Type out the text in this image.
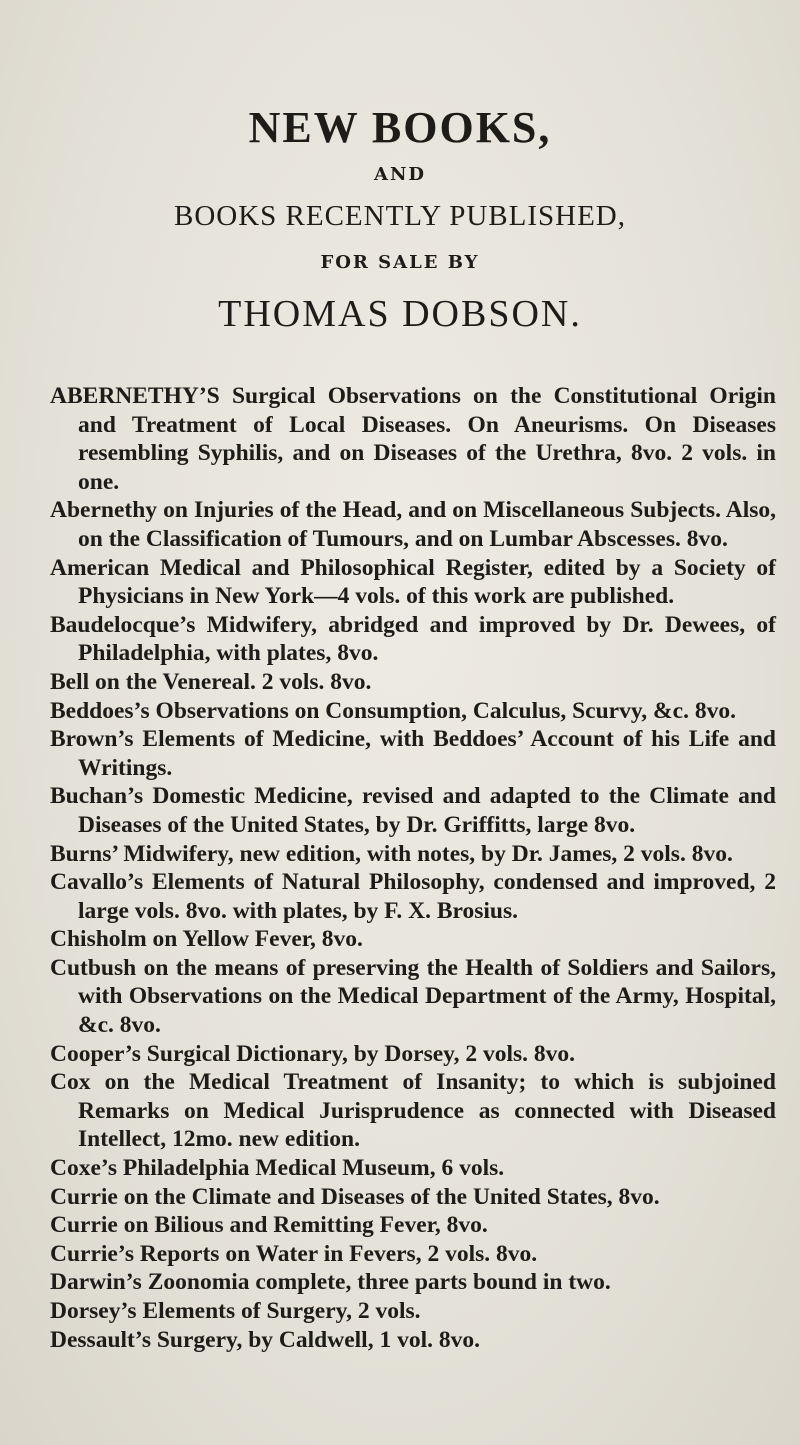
NEW BOOKS,
AND
BOOKS RECENTLY PUBLISHED,
FOR SALE BY
THOMAS DOBSON.
ABERNETHY’S Surgical Observations on the Constitutional Origin and Treatment of Local Diseases. On Aneurisms. On Diseases resembling Syphilis, and on Diseases of the Urethra, 8vo. 2 vols. in one.
Abernethy on Injuries of the Head, and on Miscellaneous Subjects. Also, on the Classification of Tumours, and on Lumbar Abscesses. 8vo.
American Medical and Philosophical Register, edited by a Society of Physicians in New York—4 vols. of this work are published.
Baudelocque’s Midwifery, abridged and improved by Dr. Dewees, of Philadelphia, with plates, 8vo.
Bell on the Venereal. 2 vols. 8vo.
Beddoes’s Observations on Consumption, Calculus, Scurvy, &c. 8vo.
Brown’s Elements of Medicine, with Beddoes’ Account of his Life and Writings.
Buchan’s Domestic Medicine, revised and adapted to the Climate and Diseases of the United States, by Dr. Griffitts, large 8vo.
Burns’ Midwifery, new edition, with notes, by Dr. James, 2 vols. 8vo.
Cavallo’s Elements of Natural Philosophy, condensed and improved, 2 large vols. 8vo. with plates, by F. X. Brosius.
Chisholm on Yellow Fever, 8vo.
Cutbush on the means of preserving the Health of Soldiers and Sailors, with Observations on the Medical Department of the Army, Hospital, &c. 8vo.
Cooper’s Surgical Dictionary, by Dorsey, 2 vols. 8vo.
Cox on the Medical Treatment of Insanity; to which is subjoined Remarks on Medical Jurisprudence as connected with Diseased Intellect, 12mo. new edition.
Coxe’s Philadelphia Medical Museum, 6 vols.
Currie on the Climate and Diseases of the United States, 8vo.
Currie on Bilious and Remitting Fever, 8vo.
Currie’s Reports on Water in Fevers, 2 vols. 8vo.
Darwin’s Zoonomia complete, three parts bound in two.
Dorsey’s Elements of Surgery, 2 vols.
Dessault’s Surgery, by Caldwell, 1 vol. 8vo.
